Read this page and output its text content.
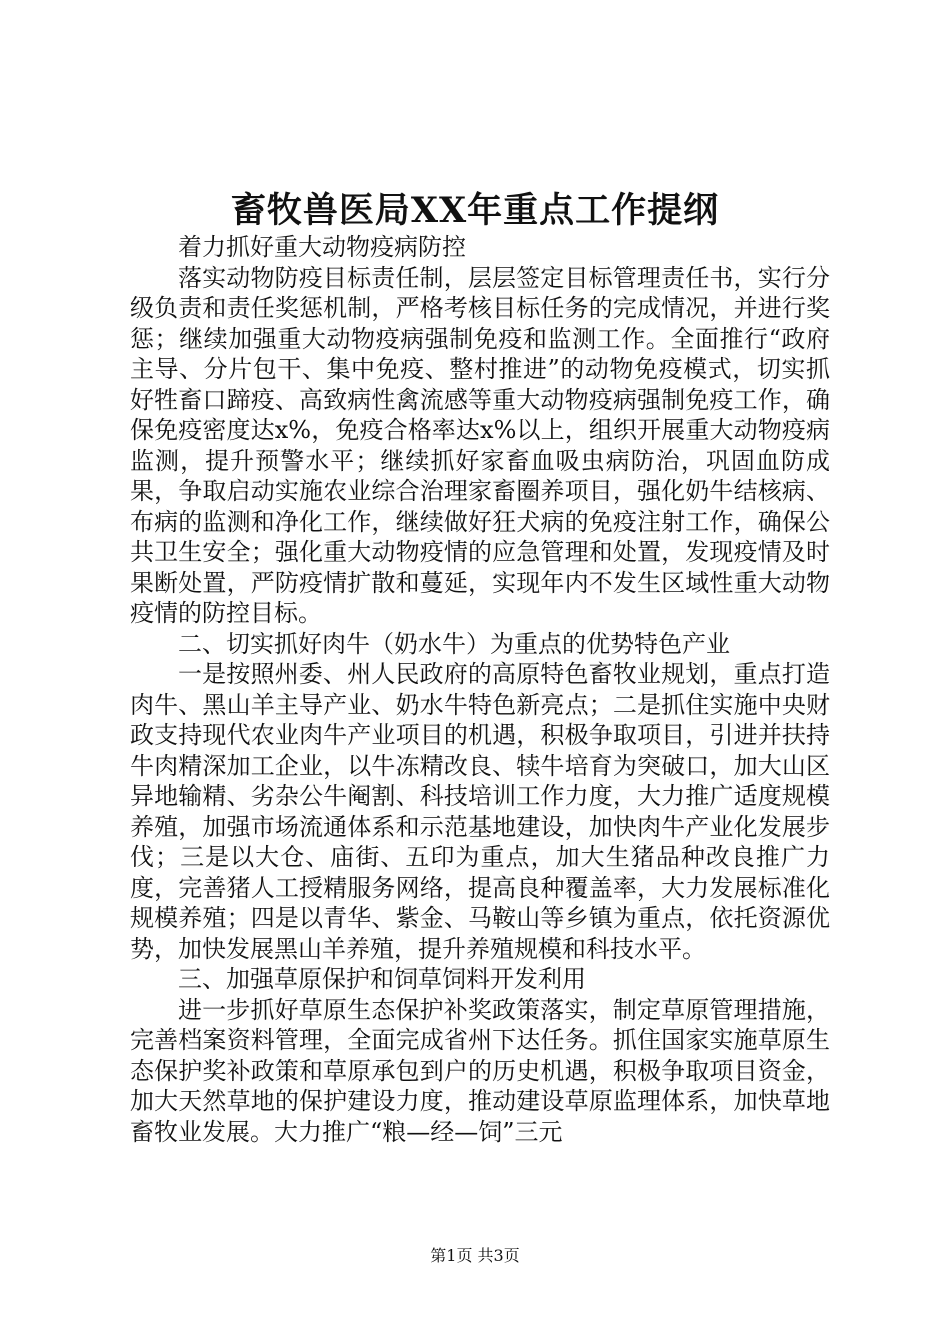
畜牧兽医局XX年重点工作提纲

着力抓好重大动物疫病防控

落实动物防疫目标责任制，层层签定目标管理责任书，实行分级负责和责任奖惩机制，严格考核目标任务的完成情况，并进行奖惩；继续加强重大动物疫病强制免疫和监测工作。全面推行“政府主导、分片包干、集中免疫、整村推进”的动物免疫模式，切实抓好牲畜口蹄疫、高致病性禽流感等重大动物疫病强制免疫工作，确保免疫密度达x%，免疫合格率达x%以上，组织开展重大动物疫病监测，提升预警水平；继续抓好家畜血吸虫病防治，巩固血防成果，争取启动实施农业综合治理家畜圈养项目，强化奶牛结核病、布病的监测和净化工作，继续做好狂犬病的免疫注射工作，确保公共卫生安全；强化重大动物疫情的应急管理和处置，发现疫情及时果断处置，严防疫情扩散和蔓延，实现年内不发生区域性重大动物疫情的防控目标。

二、切实抓好肉牛（奶水牛）为重点的优势特色产业

一是按照州委、州人民政府的高原特色畜牧业规划，重点打造肉牛、黑山羊主导产业、奶水牛特色新亮点；二是抓住实施中央财政支持现代农业肉牛产业项目的机遇，积极争取项目，引进并扶持牛肉精深加工企业，以牛冻精改良、犊牛培育为突破口，加大山区异地输精、劣杂公牛阉割、科技培训工作力度，大力推广适度规模养殖，加强市场流通体系和示范基地建设，加快肉牛产业化发展步伐；三是以大仓、庙街、五印为重点，加大生猪品种改良推广力度，完善猪人工授精服务网络，提高良种覆盖率，大力发展标准化规模养殖；四是以青华、紫金、马鞍山等乡镇为重点，依托资源优势，加快发展黑山羊养殖，提升养殖规模和科技水平。

三、加强草原保护和饲草饲料开发利用

进一步抓好草原生态保护补奖政策落实，制定草原管理措施，完善档案资料管理，全面完成省州下达任务。抓住国家实施草原生态保护奖补政策和草原承包到户的历史机遇，积极争取项目资金，加大天然草地的保护建设力度，推动建设草原监理体系，加快草地畜牧业发展。大力推广“粮—经—饲”三元

第1页 共3页
